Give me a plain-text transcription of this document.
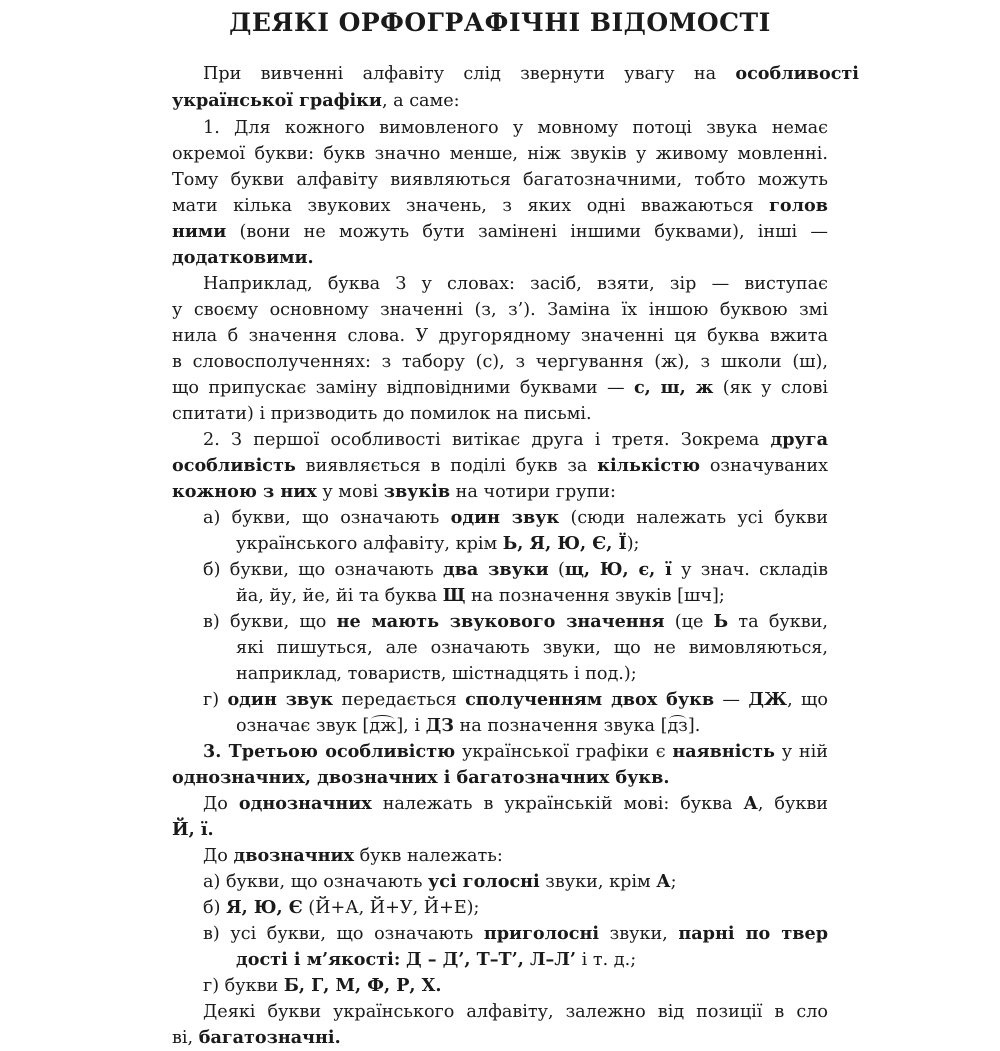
ДЕЯКІ ОРФОГРАФІЧНІ ВІДОМОСТІ

При вивченні алфавіту слід звернути увагу на особливості

української графіки, а саме:

1. Для кожного вимовленого у мовному потоці звука немає

окремої букви: букв значно менше, ніж звуків у живому мовленні.

Тому букви алфавіту виявляються багатозначними, тобто можуть

мати кілька звукових значень, з яких одні вважаються голов

ними (вони не можуть бути замінені іншими буквами), інші —

додатковими.

Наприклад, буква З у словах: засіб, взяти, зір — виступає

у своєму основному значенні (з, з’). Заміна їх іншою буквою змі

нила б значення слова. У другорядному значенні ця буква вжита

в словосполученнях: з табору (с), з чергування (ж), з школи (ш),

що припускає заміну відповідними буквами — с, ш, ж (як у слові

спитати) і призводить до помилок на письмі.

2. З першої особливості витікає друга і третя. Зокрема друга

особливість виявляється в поділі букв за кількістю означуваних

кожною з них у мові звуків на чотири групи:

а) букви, що означають один звук (сюди належать усі букви

українського алфавіту, крім Ь, Я, Ю, Є, Ї);

б) букви, що означають два звуки (щ, Ю, є, ї у знач. складів

йа, йу, йе, йі та буква Щ на позначення звуків [шч];

в) букви, що не мають звукового значення (це Ь та букви,

які пишуться, але означають звуки, що не вимовляються,

наприклад, товариств, шістнадцять і под.);

г) один звук передається сполученням двох букв — ДЖ, що

означає звук [дж], і ДЗ на позначення звука [дз].

3. Третьою особливістю української графіки є наявність у ній

однозначних, двозначних і багатозначних букв.

До однозначних належать в українській мові: буква А, букви

Й, ї.

До двозначних букв належать:

а) букви, що означають усі голосні звуки, крім А;

б) Я, Ю, Є (Й+А, Й+У, Й+Е);

в) усі букви, що означають приголосні звуки, парні по твер

дості і м’якості: Д – Д’, Т–Т’, Л–Л’ і т. д.;

г) букви Б, Г, М, Ф, Р, Х.

Деякі букви українського алфавіту, залежно від позиції в сло

ві, багатозначні.
